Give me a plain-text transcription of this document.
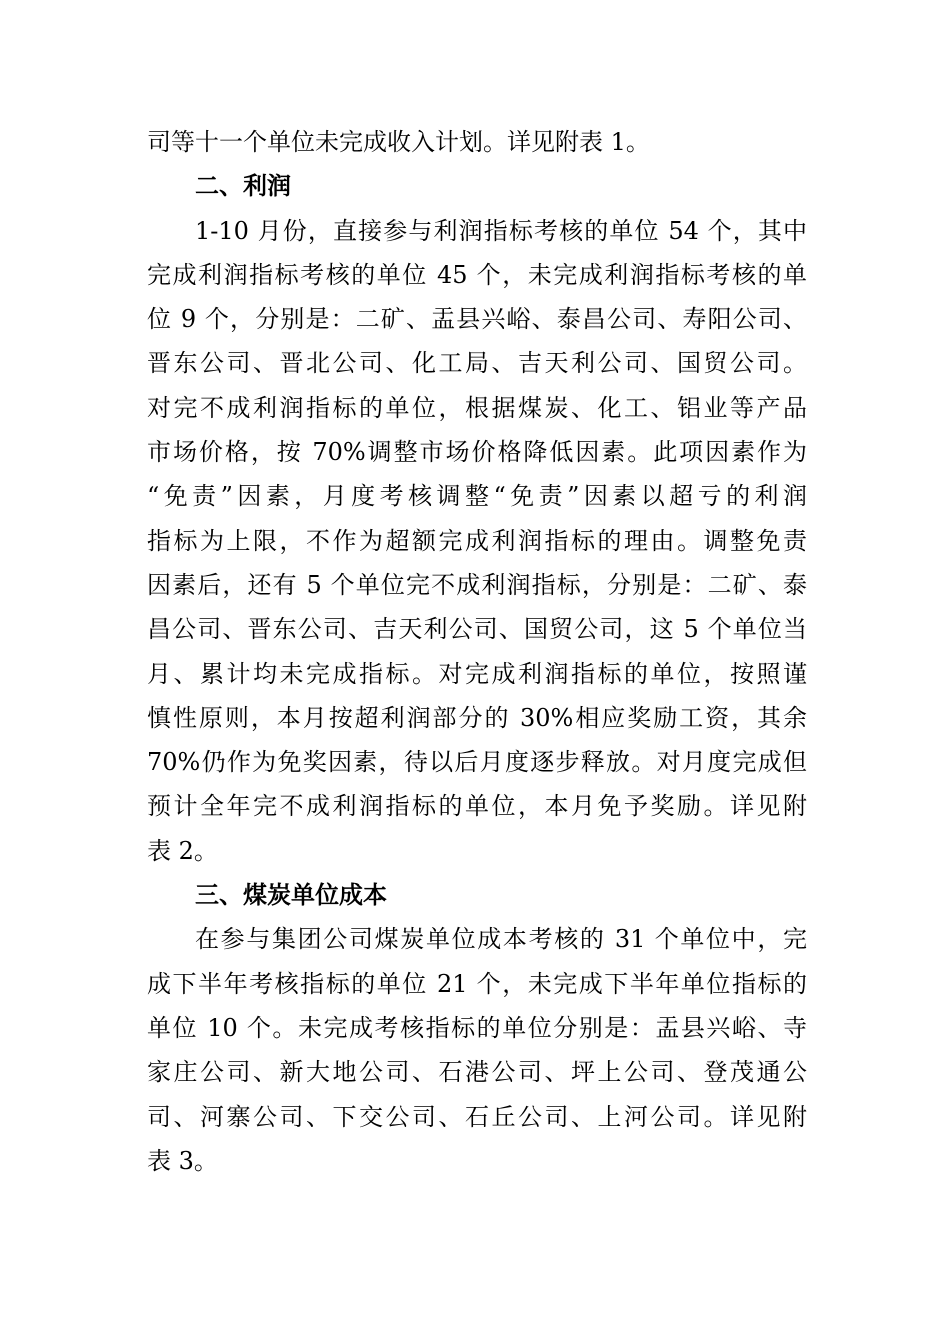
司等十一个单位未完成收入计划。详见附表 1。
二、利润
1-10 月份，直接参与利润指标考核的单位 54 个，其中
完成利润指标考核的单位 45 个，未完成利润指标考核的单
位 9 个，分别是：二矿、盂县兴峪、泰昌公司、寿阳公司、
晋东公司、晋北公司、化工局、吉天利公司、国贸公司。
对完不成利润指标的单位，根据煤炭、化工、铝业等产品
市场价格，按 70%调整市场价格降低因素。此项因素作为
“免责”因素，月度考核调整“免责”因素以超亏的利润
指标为上限，不作为超额完成利润指标的理由。调整免责
因素后，还有 5 个单位完不成利润指标，分别是：二矿、泰
昌公司、晋东公司、吉天利公司、国贸公司，这 5 个单位当
月、累计均未完成指标。对完成利润指标的单位，按照谨
慎性原则，本月按超利润部分的 30%相应奖励工资，其余
70%仍作为免奖因素，待以后月度逐步释放。对月度完成但
预计全年完不成利润指标的单位，本月免予奖励。详见附
表 2。
三、煤炭单位成本
在参与集团公司煤炭单位成本考核的 31 个单位中，完
成下半年考核指标的单位 21 个，未完成下半年单位指标的
单位 10 个。未完成考核指标的单位分别是：盂县兴峪、寺
家庄公司、新大地公司、石港公司、坪上公司、登茂通公
司、河寨公司、下交公司、石丘公司、上河公司。详见附
表 3。
